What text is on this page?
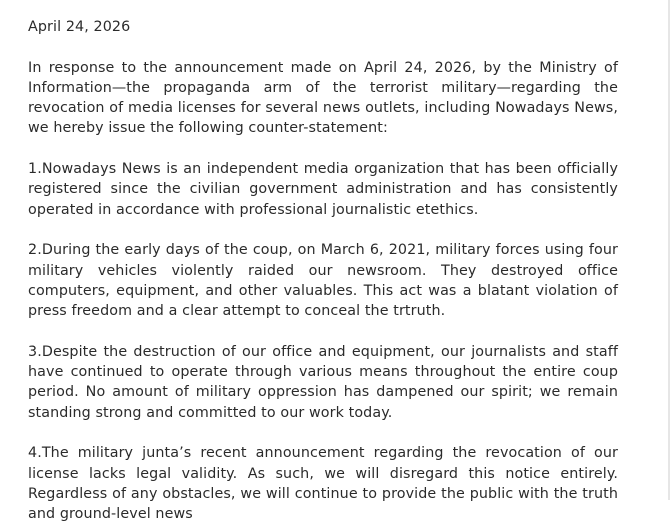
April 24, 2026

In response to the announcement made on April 24, 2026, by the Ministry of Information—the propaganda arm of the terrorist military—regarding the revocation of media licenses for several news outlets, including Nowadays News, we hereby issue the following counter-statement:

1.Nowadays News is an independent media organization that has been officially registered since the civilian government administration and has consistently operated in accordance with professional journalistic etethics.

2.During the early days of the coup, on March 6, 2021, military forces using four military vehicles violently raided our newsroom. They destroyed office computers, equipment, and other valuables. This act was a blatant violation of press freedom and a clear attempt to conceal the trtruth.

3.Despite the destruction of our office and equipment, our journalists and staff have continued to operate through various means throughout the entire coup period. No amount of military oppression has dampened our spirit; we remain standing strong and committed to our work today.

4.The military junta’s recent announcement regarding the revocation of our license lacks legal validity. As such, we will disregard this notice entirely. Regardless of any obstacles, we will continue to provide the public with the truth and ground-level news
